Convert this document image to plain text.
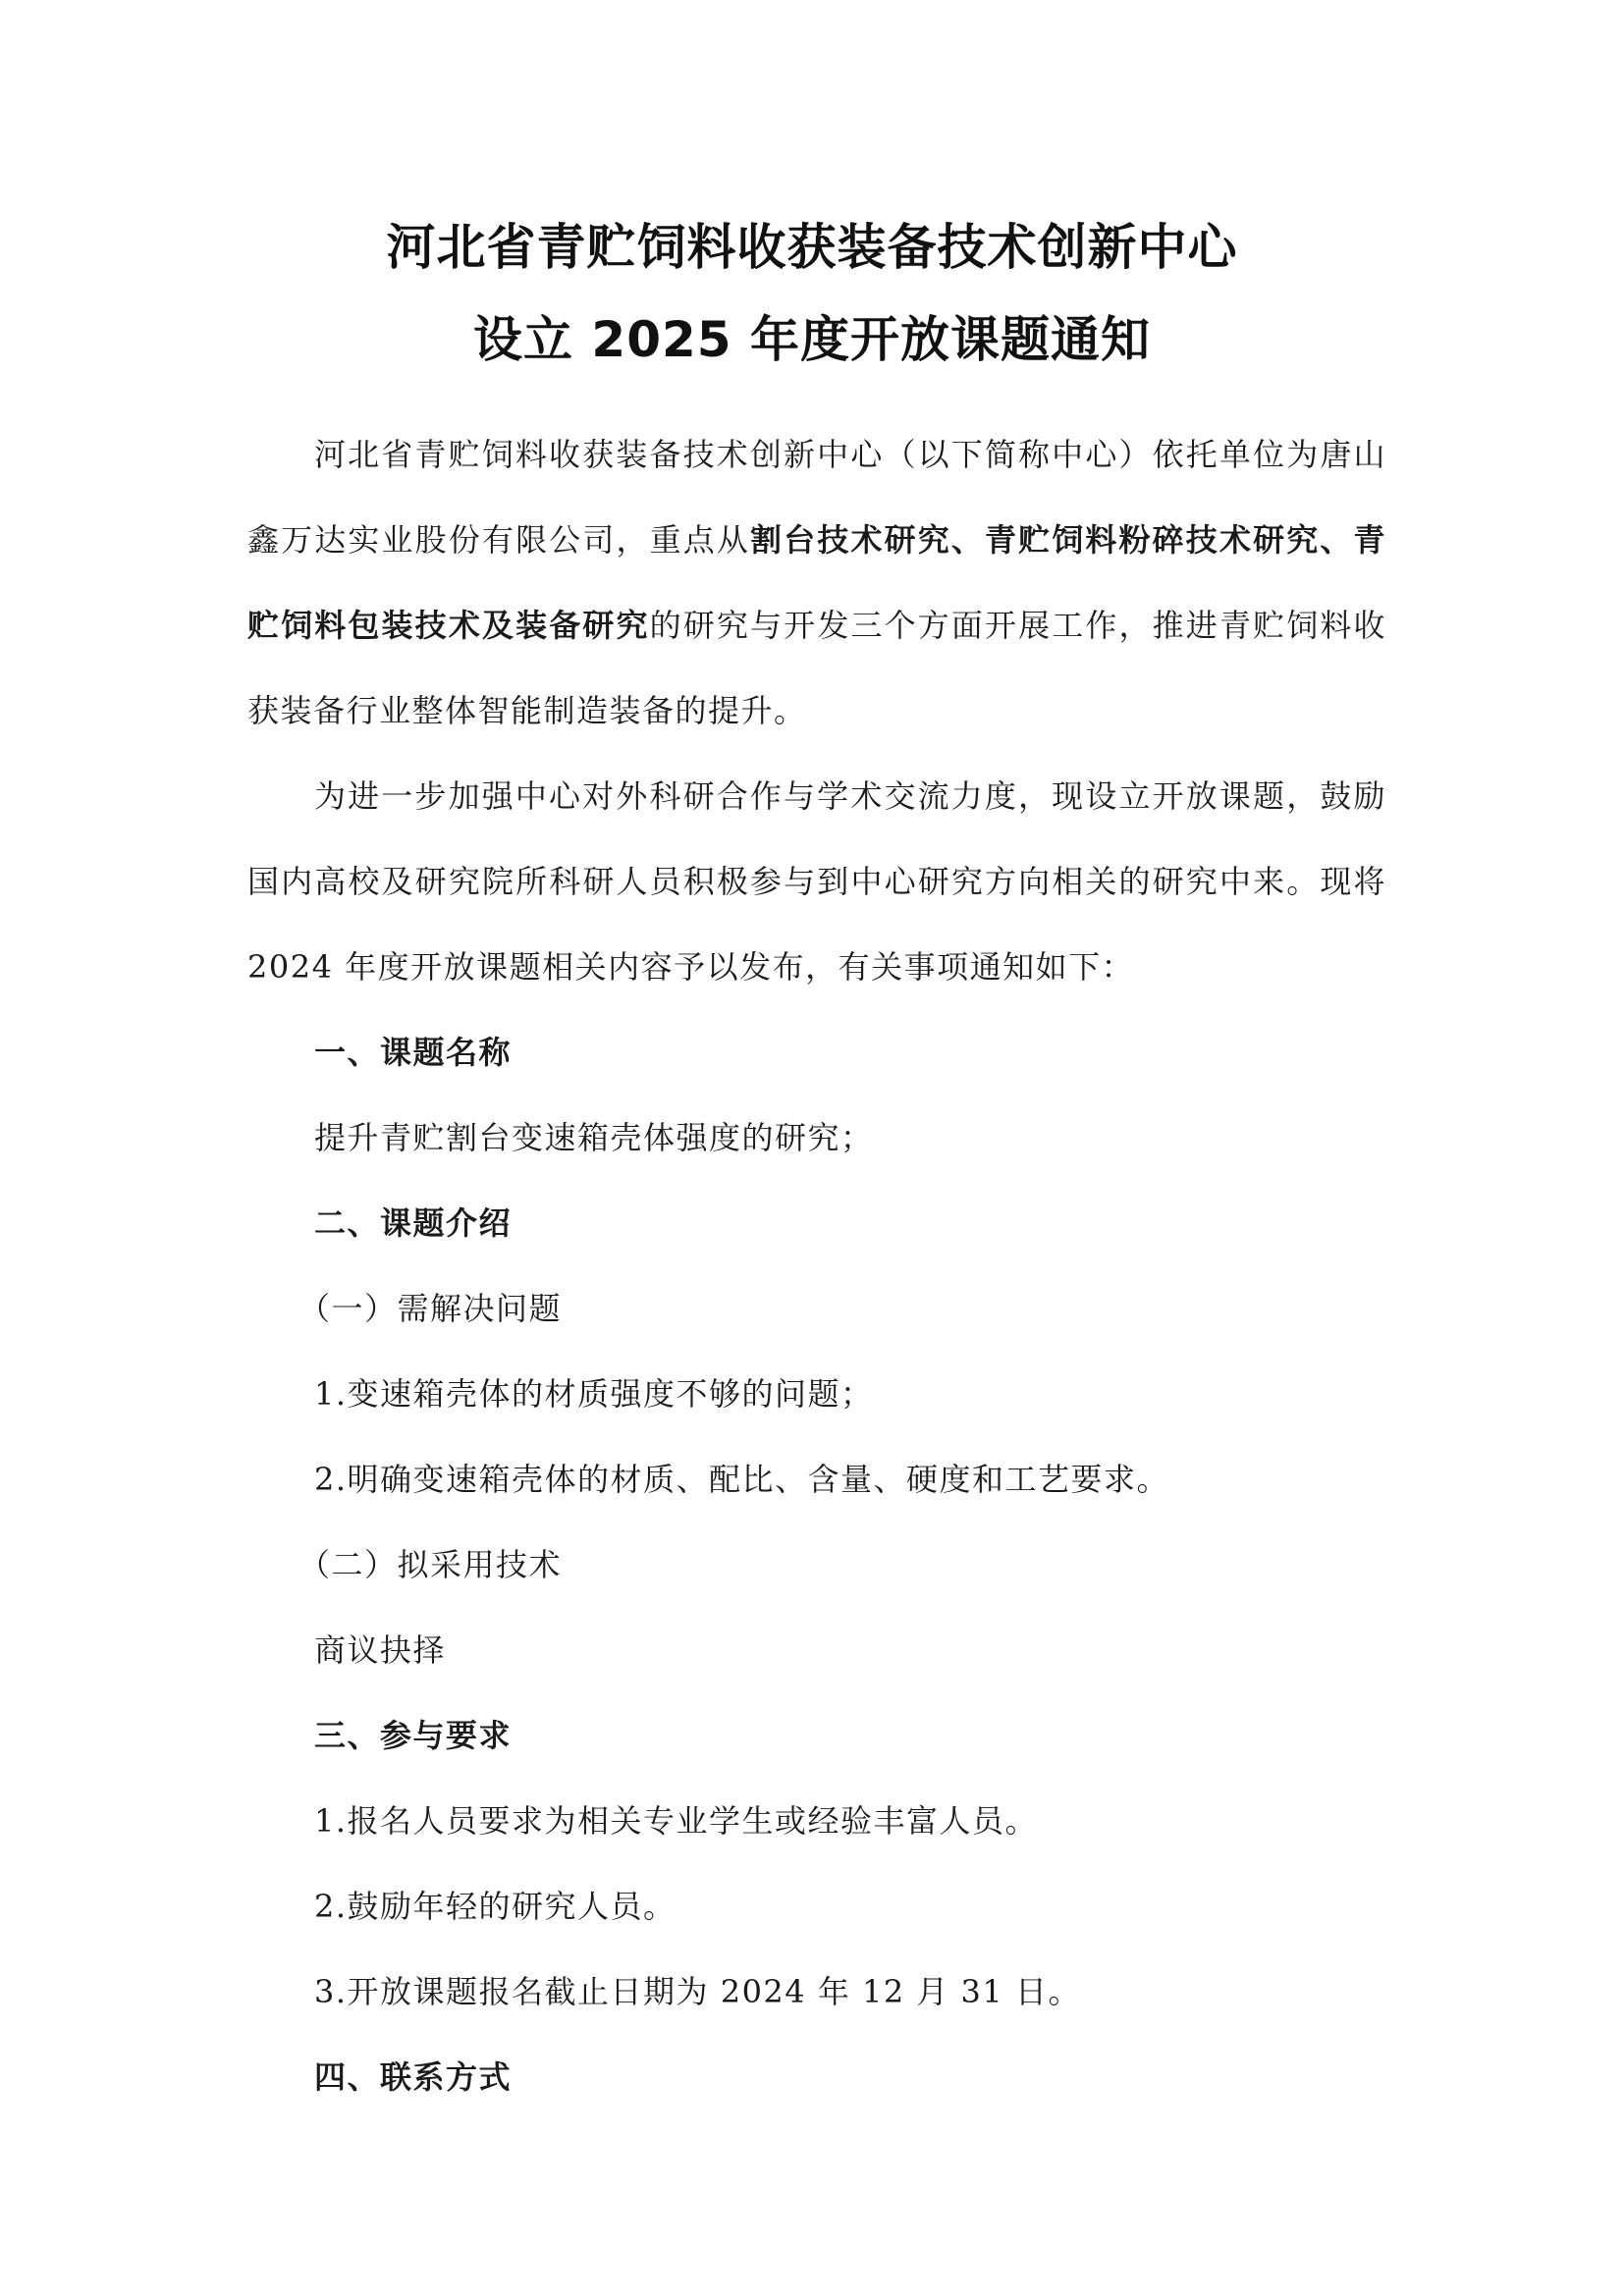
河北省青贮饲料收获装备技术创新中心

设立 2025 年度开放课题通知

河北省青贮饲料收获装备技术创新中心（以下简称中心）依托单位为唐山鑫万达实业股份有限公司，重点从割台技术研究、青贮饲料粉碎技术研究、青贮饲料包装技术及装备研究的研究与开发三个方面开展工作，推进青贮饲料收获装备行业整体智能制造装备的提升。

为进一步加强中心对外科研合作与学术交流力度，现设立开放课题，鼓励国内高校及研究院所科研人员积极参与到中心研究方向相关的研究中来。现将 2024 年度开放课题相关内容予以发布，有关事项通知如下：

一、课题名称

提升青贮割台变速箱壳体强度的研究；

二、课题介绍

（一）需解决问题

1.变速箱壳体的材质强度不够的问题；

2.明确变速箱壳体的材质、配比、含量、硬度和工艺要求。

（二）拟采用技术

商议抉择

三、参与要求

1.报名人员要求为相关专业学生或经验丰富人员。

2.鼓励年轻的研究人员。

3.开放课题报名截止日期为 2024 年 12 月 31 日。

四、联系方式
